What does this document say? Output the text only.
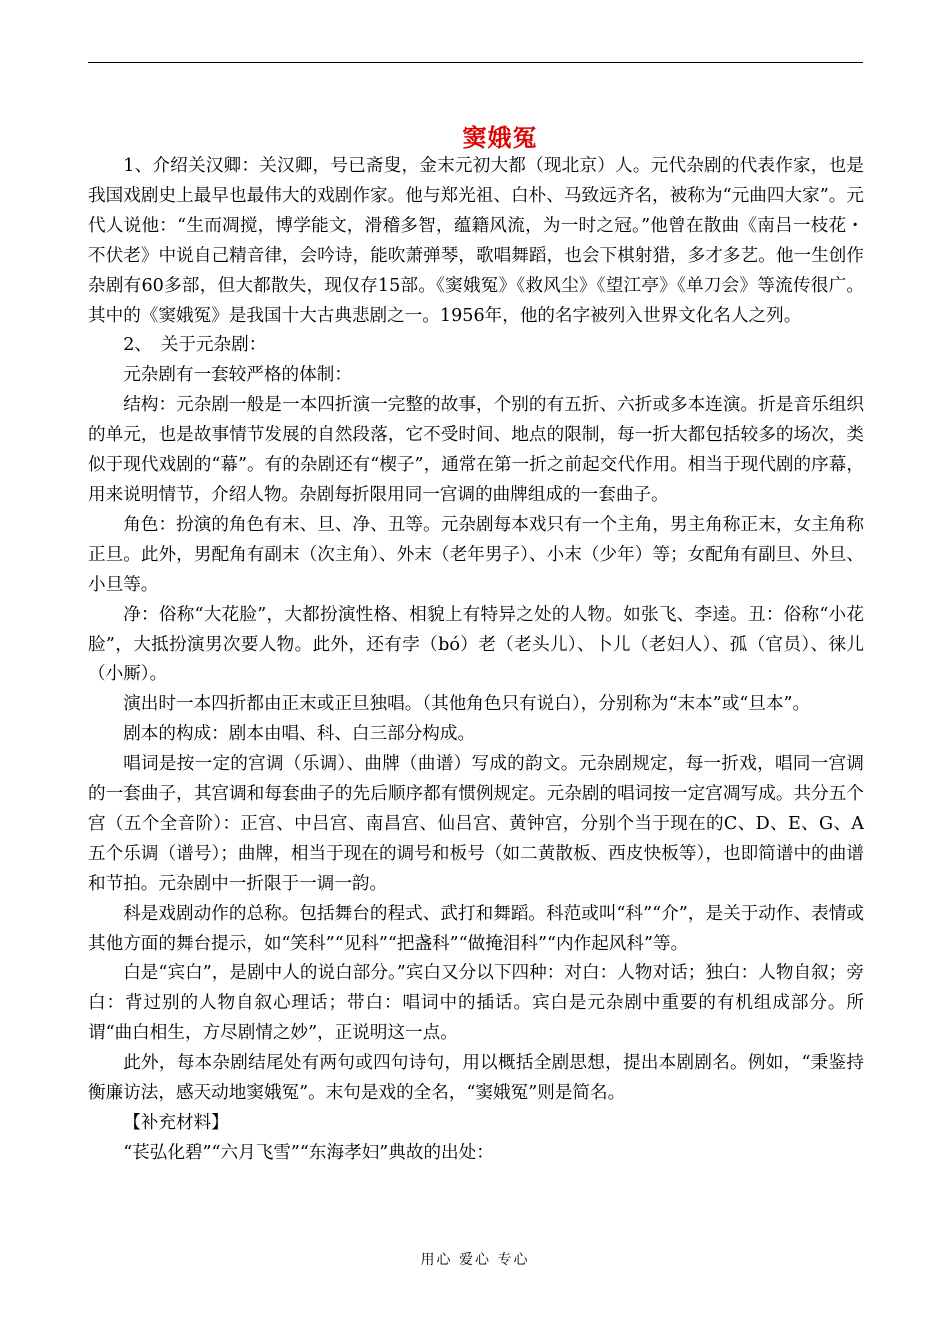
窦娥冤

1、介绍关汉卿：关汉卿，号已斋叟，金末元初大都（现北京）人。元代杂剧的代表作家，也是我国戏剧史上最早也最伟大的戏剧作家。他与郑光祖、白朴、马致远齐名，被称为“元曲四大家”。元代人说他：“生而凋搅，博学能文，滑稽多智，蕴籍风流，为一时之冠。”他曾在散曲《南吕一枝花・不伏老》中说自己精音律，会吟诗，能吹萧弹琴，歌唱舞蹈，也会下棋射猎，多才多艺。他一生创作杂剧有60多部，但大都散失，现仅存15部。《窦娥冤》《救风尘》《望江亭》《单刀会》等流传很广。其中的《窦娥冤》是我国十大古典悲剧之一。1956年，他的名字被列入世界文化名人之列。

2、　关于元杂剧：

元杂剧有一套较严格的体制：

结构：元杂剧一般是一本四折演一完整的故事，个别的有五折、六折或多本连演。折是音乐组织的单元，也是故事情节发展的自然段落，它不受时间、地点的限制，每一折大都包括较多的场次，类似于现代戏剧的“幕”。有的杂剧还有“楔子”，通常在第一折之前起交代作用。相当于现代剧的序幕，用来说明情节，介绍人物。杂剧每折限用同一宫调的曲牌组成的一套曲子。

角色：扮演的角色有末、旦、净、丑等。元杂剧每本戏只有一个主角，男主角称正末，女主角称正旦。此外，男配角有副末（次主角）、外末（老年男子）、小末（少年）等；女配角有副旦、外旦、小旦等。

净：俗称“大花脸”，大都扮演性格、相貌上有特异之处的人物。如张飞、李逵。丑：俗称“小花脸”，大抵扮演男次要人物。此外，还有孛（bó）老（老头儿）、卜儿（老妇人）、孤（官员）、徕儿（小厮）。

演出时一本四折都由正末或正旦独唱。（其他角色只有说白），分别称为“末本”或“旦本”。

剧本的构成：剧本由唱、科、白三部分构成。

唱词是按一定的宫调（乐调）、曲牌（曲谱）写成的韵文。元杂剧规定，每一折戏，唱同一宫调的一套曲子，其宫调和每套曲子的先后顺序都有惯例规定。元杂剧的唱词按一定宫凋写成。共分五个宫（五个全音阶）：正宫、中吕宫、南昌宫、仙吕宫、黄钟宫，分别个当于现在的C、D、E、G、A五个乐调（谱号）；曲牌，相当于现在的调号和板号（如二黄散板、西皮快板等），也即简谱中的曲谱和节拍。元杂剧中一折限于一调一韵。

科是戏剧动作的总称。包括舞台的程式、武打和舞蹈。科范或叫“科”“介”，是关于动作、表情或其他方面的舞台提示，如“笑科”“见科”“把盏科”“做掩泪科”“内作起风科”等。

白是“宾白”，是剧中人的说白部分。”宾白又分以下四种：对白：人物对话；独白：人物自叙；旁白：背过别的人物自叙心理话；带白：唱词中的插话。宾白是元杂剧中重要的有机组成部分。所谓“曲白相生，方尽剧情之妙”，正说明这一点。

此外，每本杂剧结尾处有两句或四句诗句，用以概括全剧思想，提出本剧剧名。例如，“秉鉴持衡廉访法，感天动地窦娥冤”。末句是戏的全名，“窦娥冤”则是简名。

【补充材料】

“苌弘化碧”“六月飞雪”“东海孝妇”典故的出处：

用心 爱心 专心
